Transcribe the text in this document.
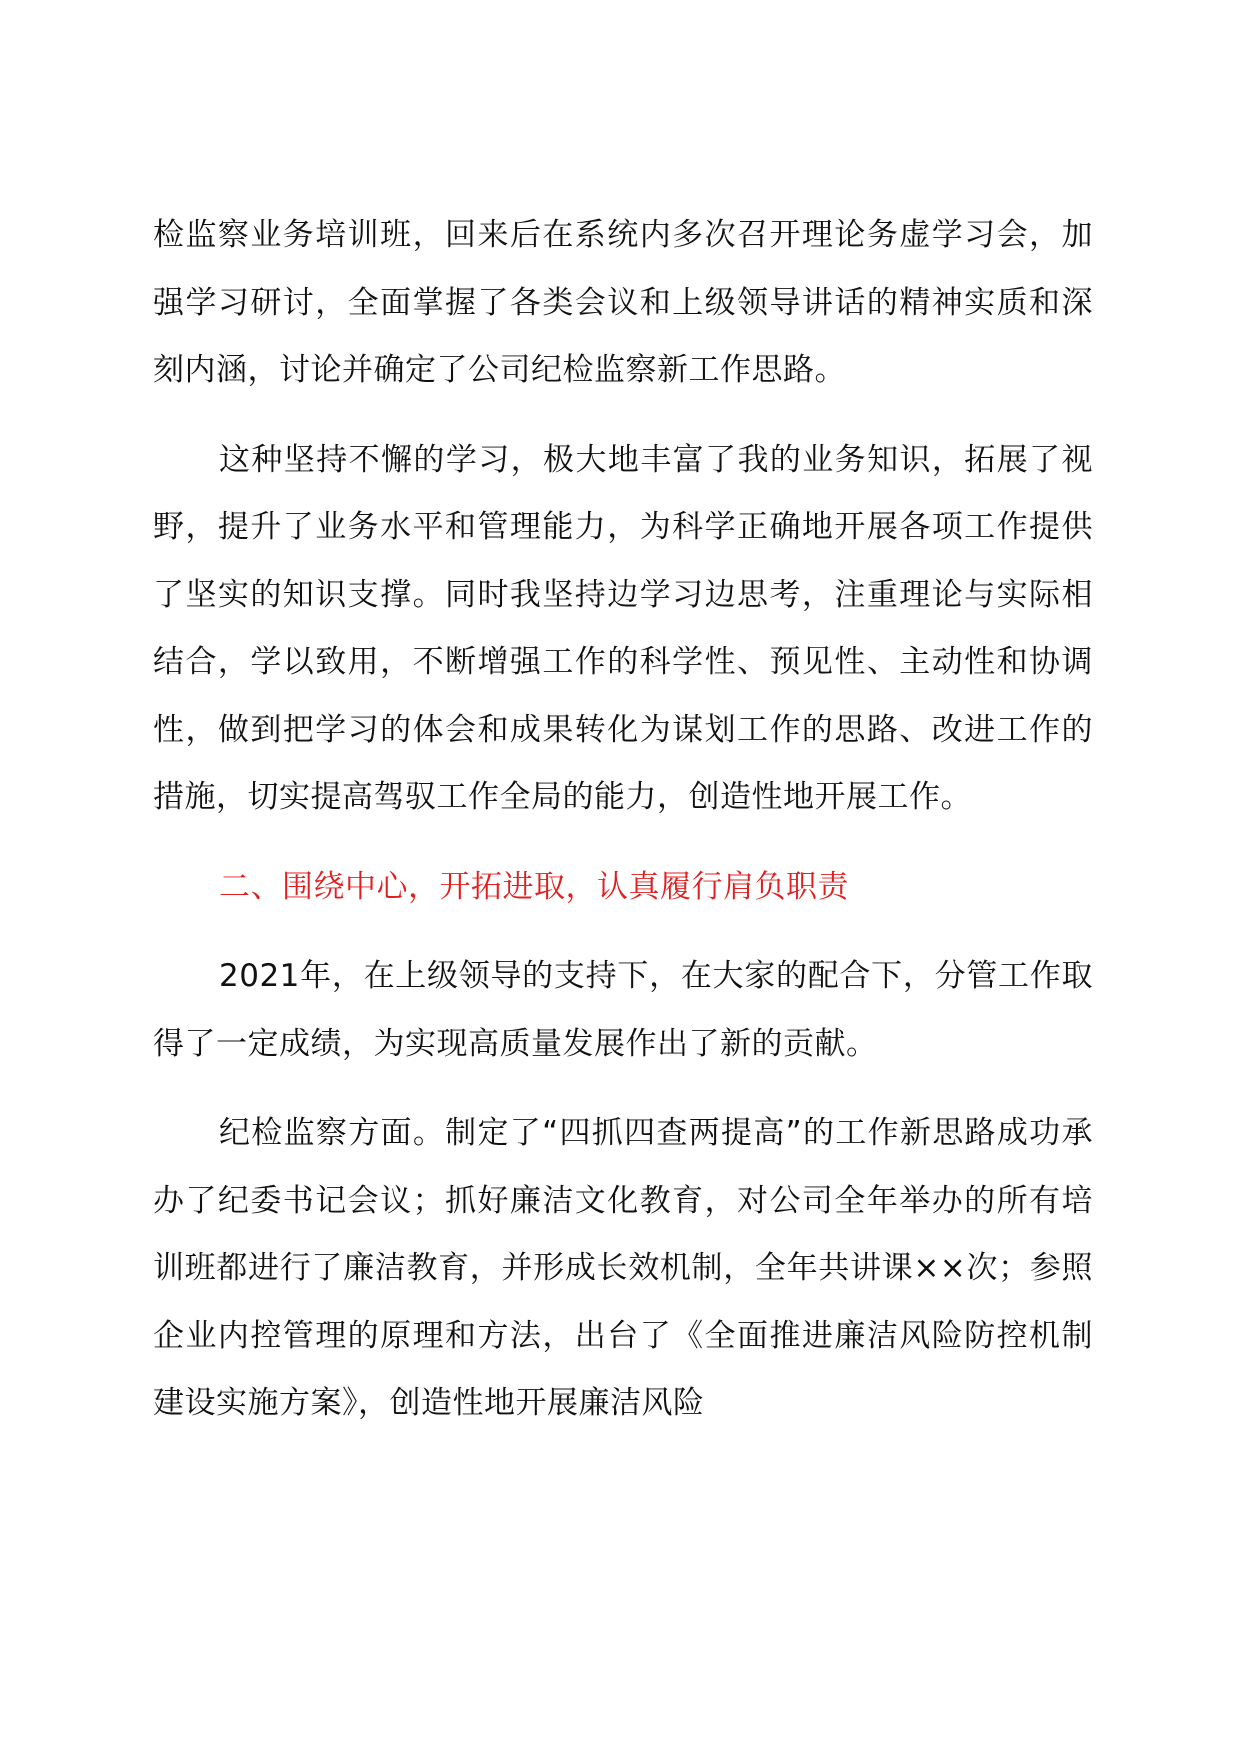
检监察业务培训班，回来后在系统内多次召开理论务虚学习会，加强学习研讨，全面掌握了各类会议和上级领导讲话的精神实质和深刻内涵，讨论并确定了公司纪检监察新工作思路。

这种坚持不懈的学习，极大地丰富了我的业务知识，拓展了视野，提升了业务水平和管理能力，为科学正确地开展各项工作提供了坚实的知识支撑。同时我坚持边学习边思考，注重理论与实际相结合，学以致用，不断增强工作的科学性、预见性、主动性和协调性，做到把学习的体会和成果转化为谋划工作的思路、改进工作的措施，切实提高驾驭工作全局的能力，创造性地开展工作。

二、围绕中心，开拓进取，认真履行肩负职责

2021年，在上级领导的支持下，在大家的配合下，分管工作取得了一定成绩，为实现高质量发展作出了新的贡献。

纪检监察方面。制定了“四抓四查两提高”的工作新思路成功承办了纪委书记会议；抓好廉洁文化教育，对公司全年举办的所有培训班都进行了廉洁教育，并形成长效机制，全年共讲课××次；参照企业内控管理的原理和方法，出台了《全面推进廉洁风险防控机制建设实施方案》，创造性地开展廉洁风险
